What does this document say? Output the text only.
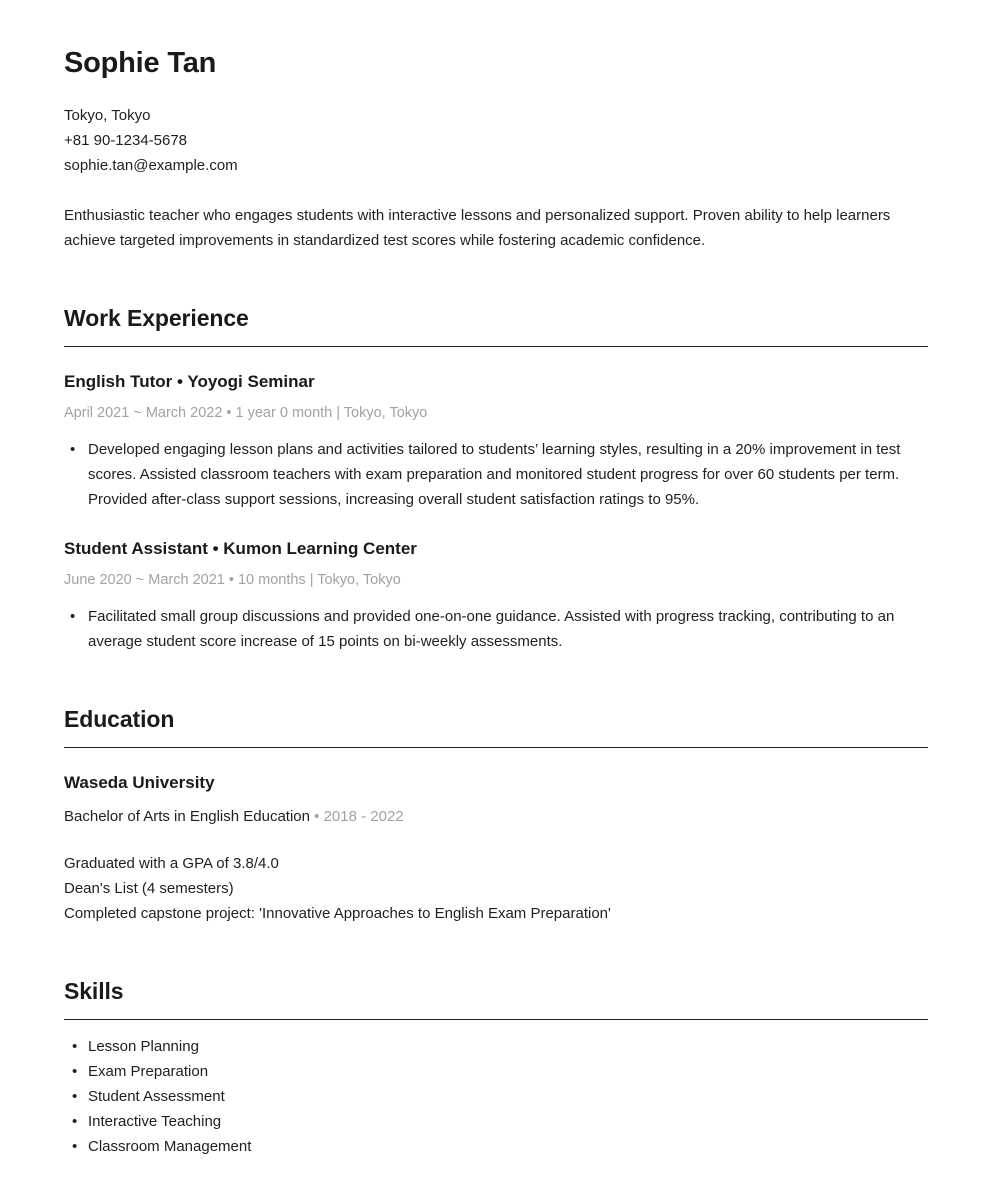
Sophie Tan
Tokyo, Tokyo
+81 90-1234-5678
sophie.tan@example.com

Enthusiastic teacher who engages students with interactive lessons and personalized support. Proven ability to help learners achieve targeted improvements in standardized test scores while fostering academic confidence.

Work Experience
English Tutor • Yoyogi Seminar
April 2021 ~ March 2022 • 1 year 0 month | Tokyo, Tokyo
• Developed engaging lesson plans and activities tailored to students’ learning styles, resulting in a 20% improvement in test scores. Assisted classroom teachers with exam preparation and monitored student progress for over 60 students per term. Provided after-class support sessions, increasing overall student satisfaction ratings to 95%.
Student Assistant • Kumon Learning Center
June 2020 ~ March 2021 • 10 months | Tokyo, Tokyo
• Facilitated small group discussions and provided one-on-one guidance. Assisted with progress tracking, contributing to an average student score increase of 15 points on bi-weekly assessments.
Education
Waseda University
Bachelor of Arts in English Education • 2018 - 2022
Graduated with a GPA of 3.8/4.0
Dean's List (4 semesters)
Completed capstone project: 'Innovative Approaches to English Exam Preparation'
Skills
• Lesson Planning
• Exam Preparation
• Student Assessment
• Interactive Teaching
• Classroom Management
